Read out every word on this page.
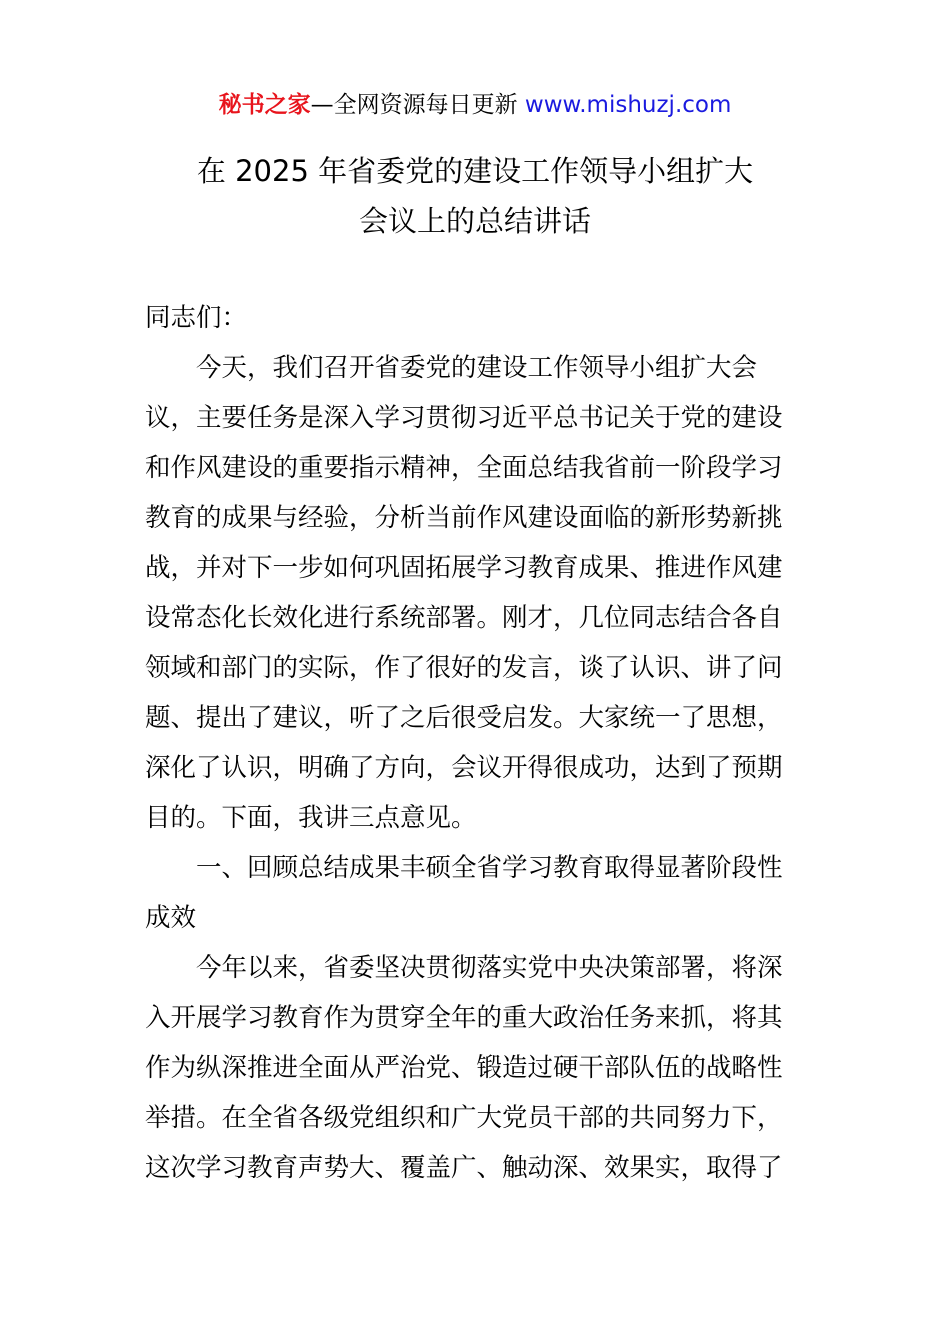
秘书之家—全网资源每日更新 www.mishuzj.com
在 2025 年省委党的建设工作领导小组扩大
会议上的总结讲话
同志们：
今天，我们召开省委党的建设工作领导小组扩大会
议，主要任务是深入学习贯彻习近平总书记关于党的建设
和作风建设的重要指示精神，全面总结我省前一阶段学习
教育的成果与经验，分析当前作风建设面临的新形势新挑
战，并对下一步如何巩固拓展学习教育成果、推进作风建
设常态化长效化进行系统部署。刚才，几位同志结合各自
领域和部门的实际，作了很好的发言，谈了认识、讲了问
题、提出了建议，听了之后很受启发。大家统一了思想，
深化了认识，明确了方向，会议开得很成功，达到了预期
目的。下面，我讲三点意见。
一、回顾总结成果丰硕全省学习教育取得显著阶段性
成效
今年以来，省委坚决贯彻落实党中央决策部署，将深
入开展学习教育作为贯穿全年的重大政治任务来抓，将其
作为纵深推进全面从严治党、锻造过硬干部队伍的战略性
举措。在全省各级党组织和广大党员干部的共同努力下，
这次学习教育声势大、覆盖广、触动深、效果实，取得了
